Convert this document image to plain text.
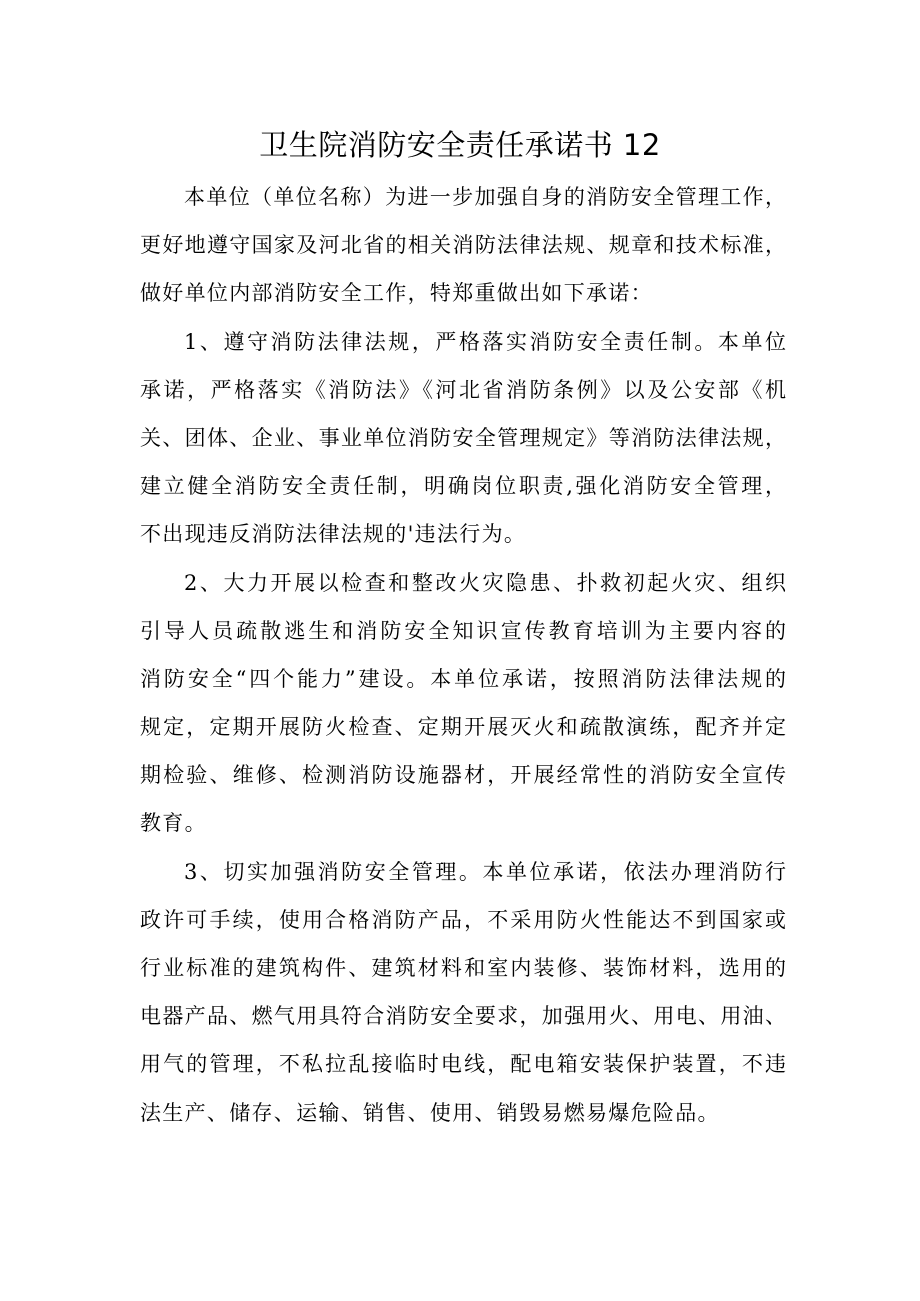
卫生院消防安全责任承诺书 12
本单位（单位名称）为进一步加强自身的消防安全管理工作，
更好地遵守国家及河北省的相关消防法律法规、规章和技术标准，
做好单位内部消防安全工作，特郑重做出如下承诺：
1、遵守消防法律法规，严格落实消防安全责任制。本单位
承诺，严格落实《消防法》《河北省消防条例》以及公安部《机
关、团体、企业、事业单位消防安全管理规定》等消防法律法规，
建立健全消防安全责任制，明确岗位职责,强化消防安全管理，
不出现违反消防法律法规的'违法行为。
2、大力开展以检查和整改火灾隐患、扑救初起火灾、组织
引导人员疏散逃生和消防安全知识宣传教育培训为主要内容的
消防安全“四个能力”建设。本单位承诺，按照消防法律法规的
规定，定期开展防火检查、定期开展灭火和疏散演练，配齐并定
期检验、维修、检测消防设施器材，开展经常性的消防安全宣传
教育。
3、切实加强消防安全管理。本单位承诺，依法办理消防行
政许可手续，使用合格消防产品，不采用防火性能达不到国家或
行业标准的建筑构件、建筑材料和室内装修、装饰材料，选用的
电器产品、燃气用具符合消防安全要求，加强用火、用电、用油、
用气的管理，不私拉乱接临时电线，配电箱安装保护装置，不违
法生产、储存、运输、销售、使用、销毁易燃易爆危险品。
